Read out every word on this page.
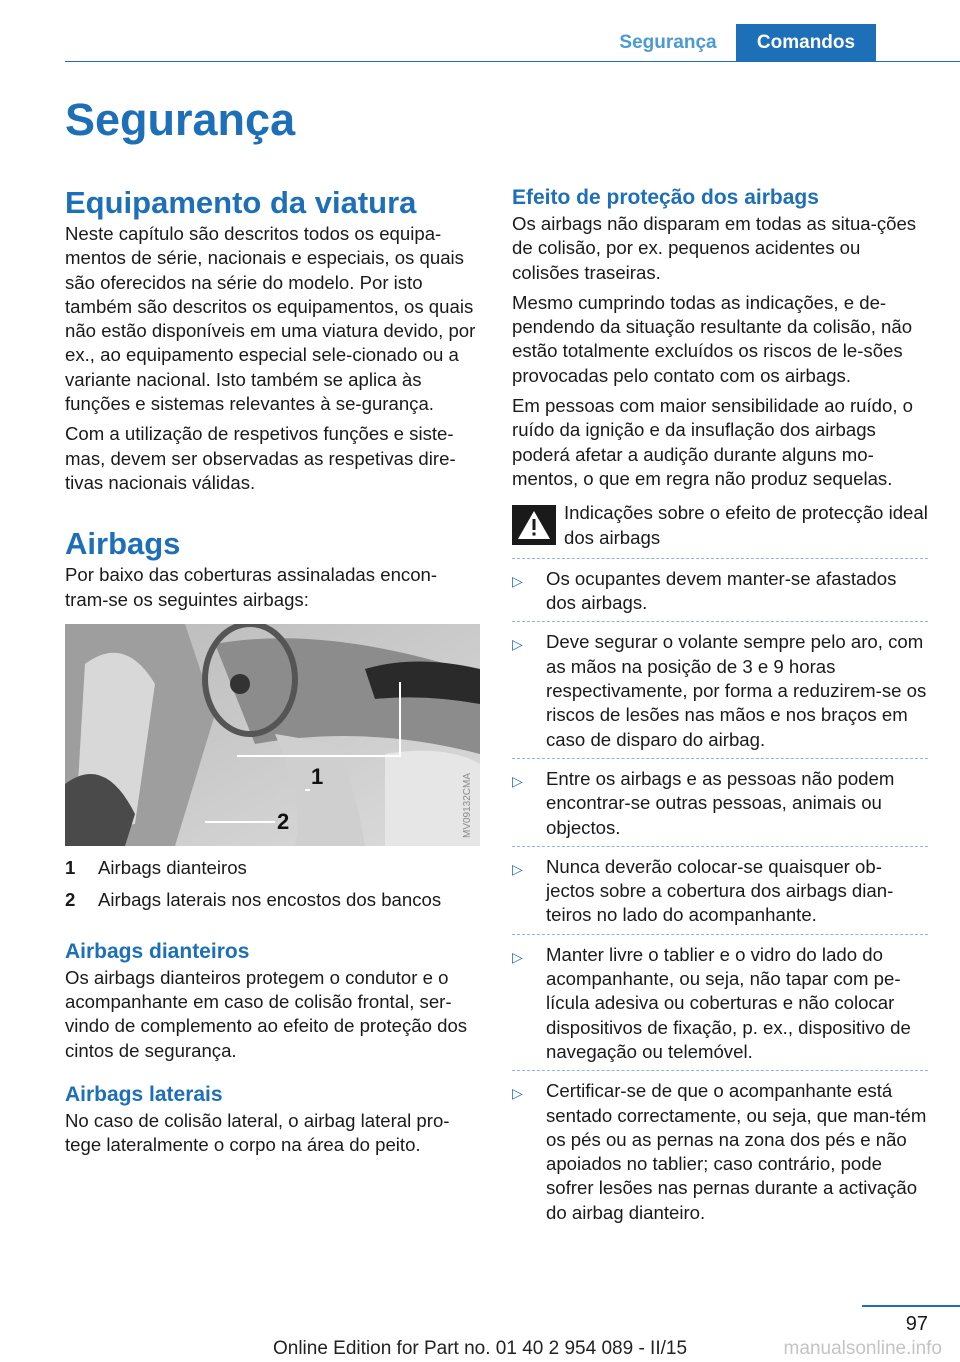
Segurança	Comandos
Segurança
Equipamento da viatura

Neste capítulo são descritos todos os equipa-mentos de série, nacionais e especiais, os quais são oferecidos na série do modelo. Por isto também são descritos os equipamentos, os quais não estão disponíveis em uma viatura devido, por ex., ao equipamento especial sele-cionado ou a variante nacional. Isto também se aplica às funções e sistemas relevantes à se-gurança.

Com a utilização de respetivos funções e siste-mas, devem ser observadas as respetivas dire-tivas nacionais válidas.

Airbags

Por baixo das coberturas assinaladas encon-tram-se os seguintes airbags:

1
2	MV09132CMA
1	Airbags dianteiros
2	Airbags laterais nos encostos dos bancos
Airbags dianteiros

Os airbags dianteiros protegem o condutor e o acompanhante em caso de colisão frontal, ser-vindo de complemento ao efeito de proteção dos cintos de segurança.

Airbags laterais

No caso de colisão lateral, o airbag lateral pro-tege lateralmente o corpo na área do peito.

Efeito de proteção dos airbags

Os airbags não disparam em todas as situa-ções de colisão, por ex. pequenos acidentes ou colisões traseiras.

Mesmo cumprindo todas as indicações, e de-pendendo da situação resultante da colisão, não estão totalmente excluídos os riscos de le-sões provocadas pelo contato com os airbags.

Em pessoas com maior sensibilidade ao ruído, o ruído da ignição e da insuflação dos airbags poderá afetar a audição durante alguns mo-mentos, o que em regra não produz sequelas.

Indicações sobre o efeito de protecção ideal dos airbags
▷	Os ocupantes devem manter-se afastados dos airbags.
▷	Deve segurar o volante sempre pelo aro, com as mãos na posição de 3 e 9 horas respectivamente, por forma a reduzirem-se os riscos de lesões nas mãos e nos braços em caso de disparo do airbag.
▷	Entre os airbags e as pessoas não podem encontrar-se outras pessoas, animais ou objectos.
▷	Nunca deverão colocar-se quaisquer ob-jectos sobre a cobertura dos airbags dian-teiros no lado do acompanhante.
▷	Manter livre o tablier e o vidro do lado do acompanhante, ou seja, não tapar com pe-lícula adesiva ou coberturas e não colocar dispositivos de fixação, p. ex., dispositivo de navegação ou telemóvel.
▷	Certificar-se de que o acompanhante está sentado correctamente, ou seja, que man-tém os pés ou as pernas na zona dos pés e não apoiados no tablier; caso contrário, pode sofrer lesões nas pernas durante a activação do airbag dianteiro.
97
Online Edition for Part no. 01 40 2 954 089 - II/15	manualsonline.info
